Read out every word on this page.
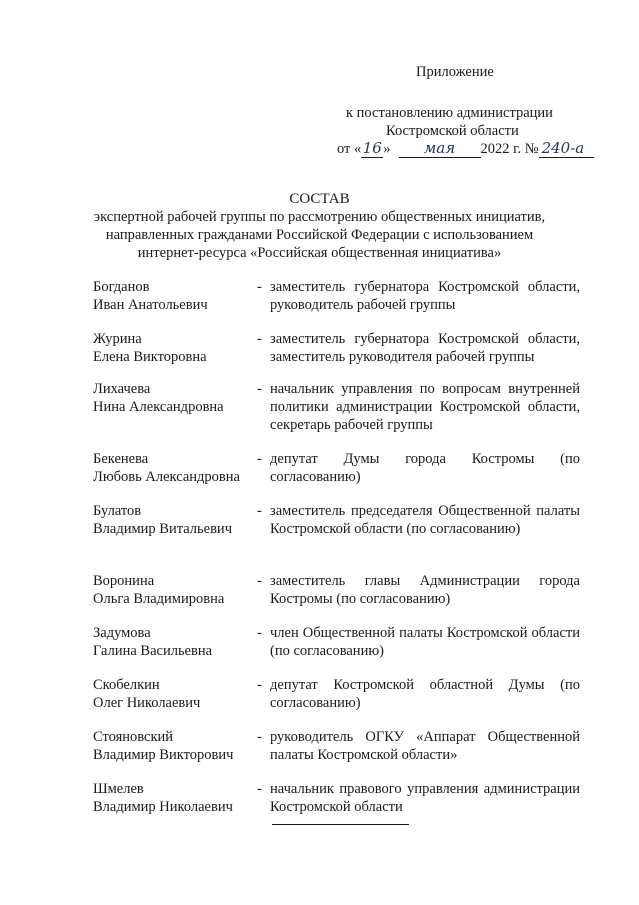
Приложение
к постановлению администрации
Костромской области
от «16» мая 2022 г. № 240-а
СОСТАВ
экспертной рабочей группы по рассмотрению общественных инициатив,
направленных гражданами Российской Федерации с использованием
интернет-ресурса «Российская общественная инициатива»
Богданов
Иван Анатольевич
- заместитель губернатора Костромской области, руководитель рабочей группы
Журина
Елена Викторовна
- заместитель губернатора Костромской области, заместитель руководителя рабочей группы
Лихачева
Нина Александровна
- начальник управления по вопросам внутренней политики администрации Костромской области, секретарь рабочей группы
Бекенева
Любовь Александровна
- депутат Думы города Костромы (по согласованию)
Булатов
Владимир Витальевич
- заместитель председателя Общественной палаты Костромской области (по согласованию)
Воронина
Ольга Владимировна
- заместитель главы Администрации города Костромы (по согласованию)
Задумова
Галина Васильевна
- член Общественной палаты Костромской области (по согласованию)
Скобелкин
Олег Николаевич
- депутат Костромской областной Думы (по согласованию)
Стояновский
Владимир Викторович
- руководитель ОГКУ «Аппарат Общественной палаты Костромской области»
Шмелев
Владимир Николаевич
- начальник правового управления администрации Костромской области
